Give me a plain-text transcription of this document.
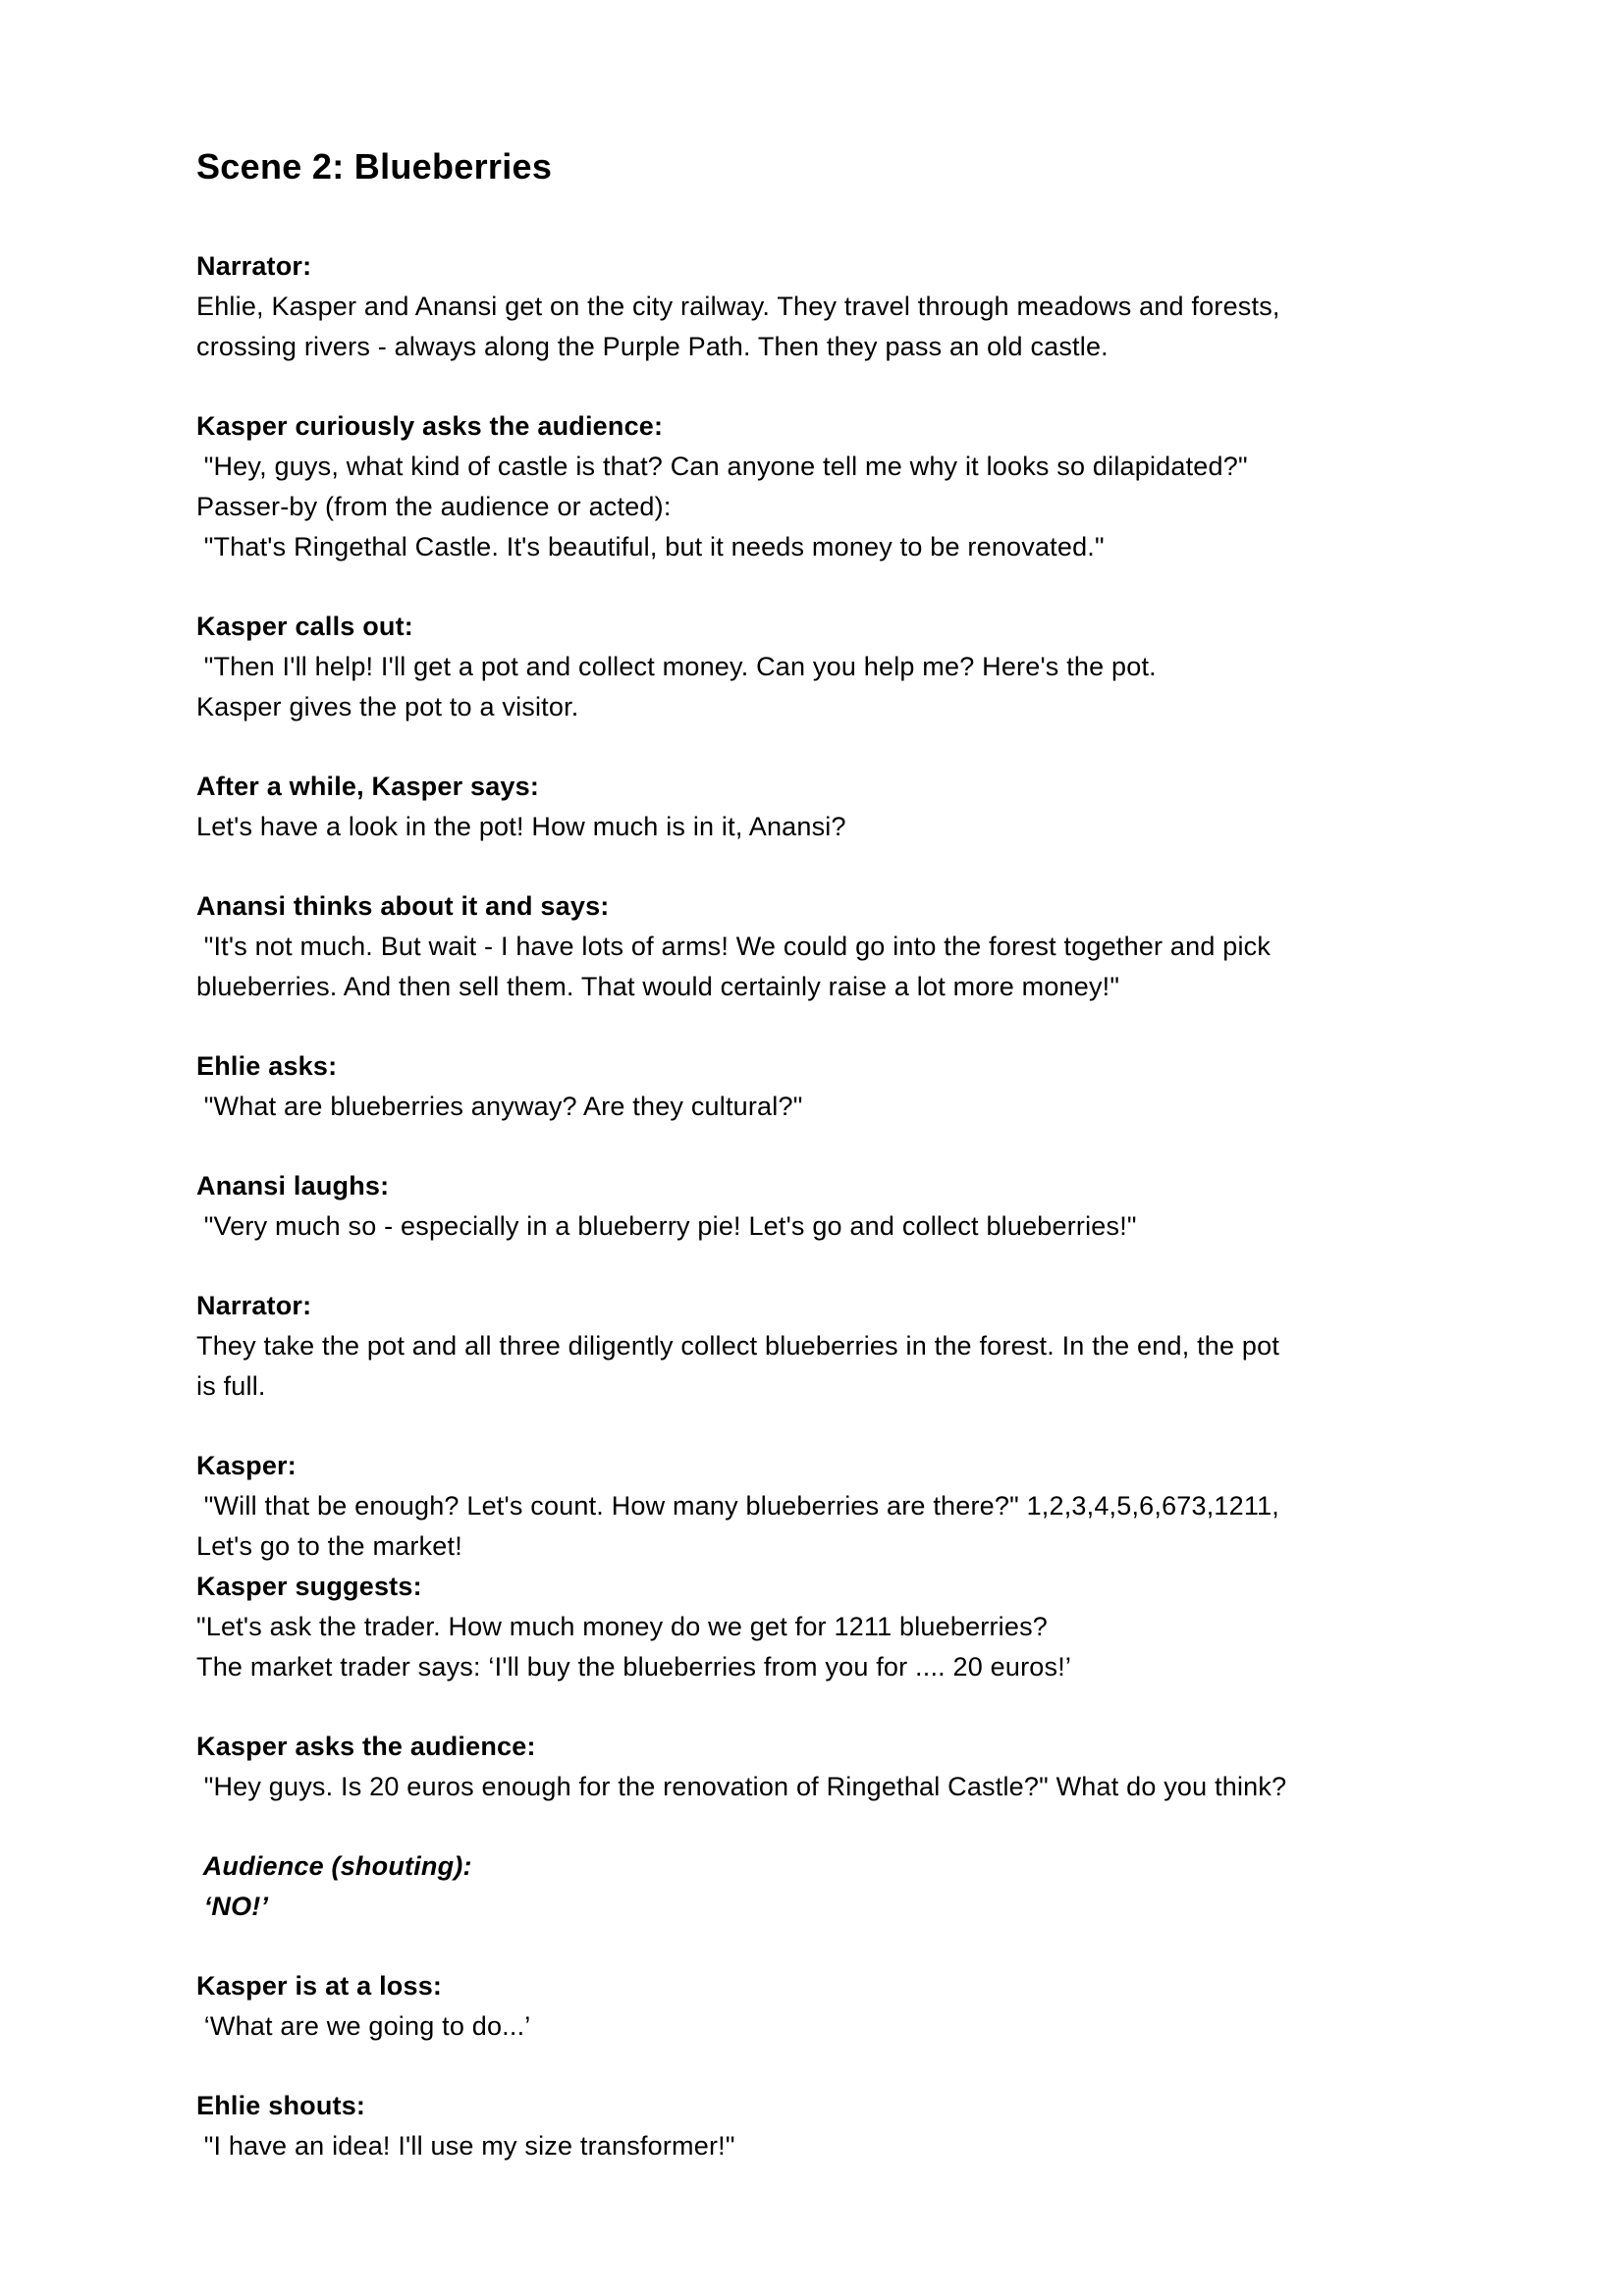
Scene 2: Blueberries
Narrator:
Ehlie, Kasper and Anansi get on the city railway. They travel through meadows and forests,
crossing rivers - always along the Purple Path. Then they pass an old castle.
Kasper curiously asks the audience:
"Hey, guys, what kind of castle is that? Can anyone tell me why it looks so dilapidated?"
Passer-by (from the audience or acted):
"That's Ringethal Castle. It's beautiful, but it needs money to be renovated."
Kasper calls out:
"Then I'll help! I'll get a pot and collect money. Can you help me? Here's the pot.
Kasper gives the pot to a visitor.
After a while, Kasper says:
Let's have a look in the pot! How much is in it, Anansi?
Anansi thinks about it and says:
"It's not much. But wait - I have lots of arms! We could go into the forest together and pick
blueberries. And then sell them. That would certainly raise a lot more money!"
Ehlie asks:
"What are blueberries anyway? Are they cultural?"
Anansi laughs:
"Very much so - especially in a blueberry pie! Let's go and collect blueberries!"
Narrator:
They take the pot and all three diligently collect blueberries in the forest. In the end, the pot
is full.
Kasper:
"Will that be enough? Let's count. How many blueberries are there?" 1,2,3,4,5,6,673,1211,
Let's go to the market!
Kasper suggests:
"Let's ask the trader. How much money do we get for 1211 blueberries?
The market trader says: ‘I'll buy the blueberries from you for .... 20 euros!’
Kasper asks the audience:
"Hey guys. Is 20 euros enough for the renovation of Ringethal Castle?" What do you think?
Audience (shouting):
‘NO!’
Kasper is at a loss:
‘What are we going to do...’
Ehlie shouts:
"I have an idea! I'll use my size transformer!"
